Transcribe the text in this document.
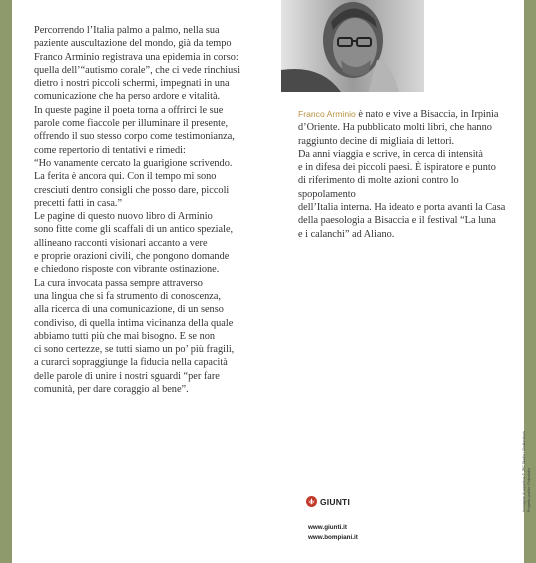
Percorrendo l’Italia palmo a palmo, nella sua
paziente auscultazione del mondo, già da tempo
Franco Arminio registrava una epidemia in corso:
quella dell’“autismo corale”, che ci vede rinchiusi
dietro i nostri piccoli schermi, impegnati in una
comunicazione che ha perso ardore e vitalità.
In queste pagine il poeta torna a offrirci le sue
parole come fiaccole per illuminare il presente,
offrendo il suo stesso corpo come testimonianza,
come repertorio di tentativi e rimedi:
“Ho vanamente cercato la guarigione scrivendo.
La ferita è ancora qui. Con il tempo mi sono
cresciuti dentro consigli che posso dare, piccoli
precetti fatti in casa.”
Le pagine di questo nuovo libro di Arminio
sono fitte come gli scaffali di un antico speziale,
allineano racconti visionari accanto a vere
e proprie orazioni civili, che pongono domande
e chiedono risposte con vibrante ostinazione.
La cura invocata passa sempre attraverso
una lingua che si fa strumento di conoscenza,
alla ricerca di una comunicazione, di un senso
condiviso, di quella intima vicinanza della quale
abbiamo tutti più che mai bisogno. E se non
ci sono certezze, se tutti siamo un po’ più fragili,
a curarci sopraggiunge la fiducia nella capacità
delle parole di unire i nostri sguardi “per fare
comunità, per dare coraggio al bene”.
Franco Arminio è nato e vive a Bisaccia, in Irpinia
d’Oriente. Ha pubblicato molti libri, che hanno
raggiunto decine di migliaia di lettori.
Da anni viaggia e scrive, in cerca di intensità
e in difesa dei piccoli paesi. È ispiratore e punto
di riferimento di molte azioni contro lo spopolamento
dell’Italia interna. Ha ideato e porta avanti la Casa
della paesologia a Bisaccia e il festival “La luna
e i calanchi” ad Aliano.
GIUNTI
www.giunti.it
www.bompiani.it
Immagine di copertina © JPC Studio / Shutterstock Progetto grafico: Polystudio
